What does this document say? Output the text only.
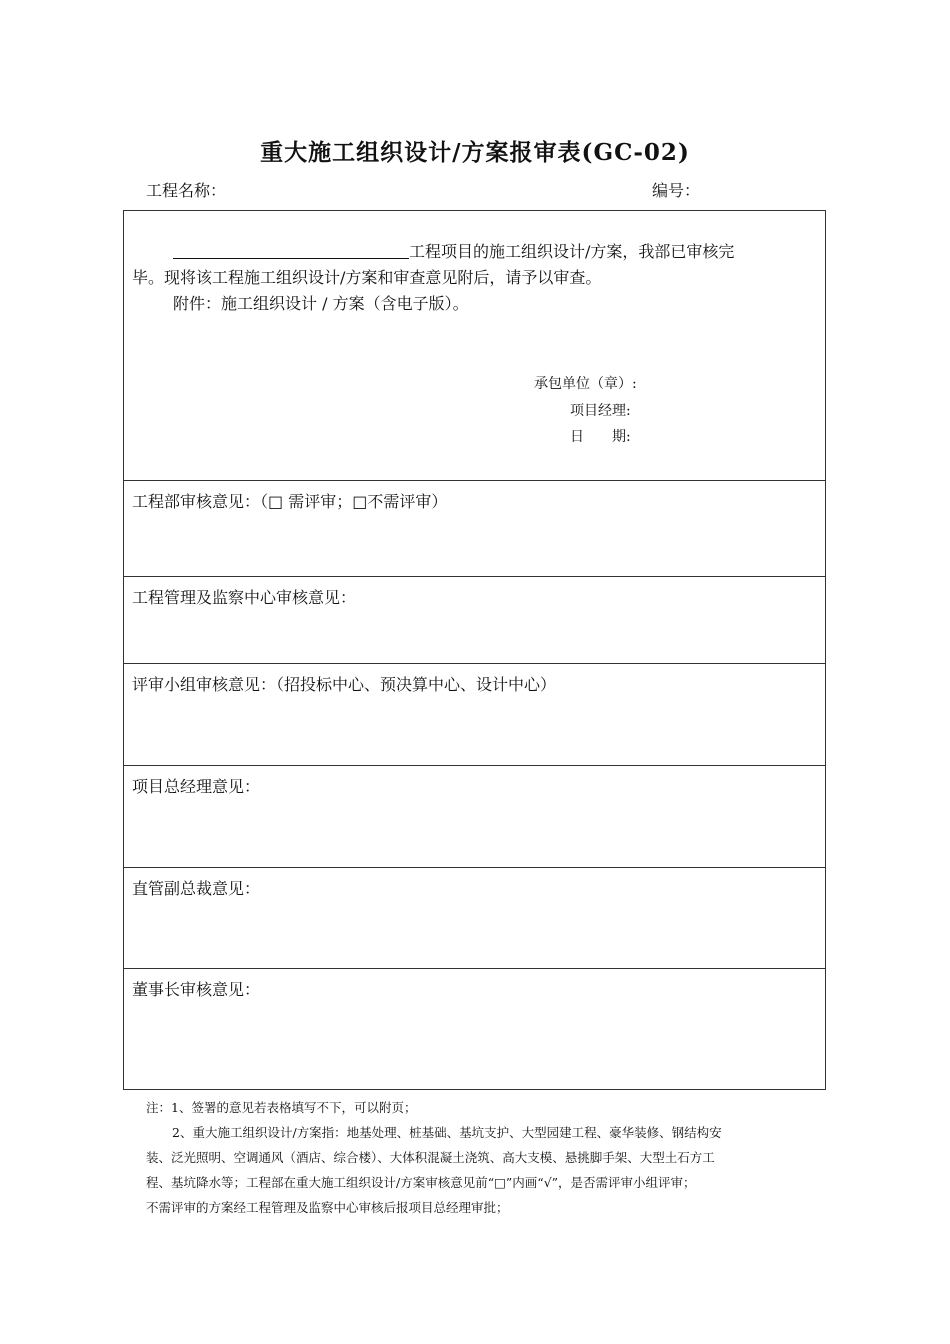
重大施工组织设计/方案报审表(GC-02)
工程名称：	编号：
工程项目的施工组织设计/方案，我部已审核完
毕。现将该工程施工组织设计/方案和审查意见附后，请予以审查。
附件：施工组织设计 / 方案（含电子版）。
承包单位（章）:
项目经理:
日　　期:
工程部审核意见：（□ 需评审；□不需评审）
工程管理及监察中心审核意见：
评审小组审核意见：（招投标中心、预决算中心、设计中心）
项目总经理意见：
直管副总裁意见：
董事长审核意见：
注：1、签署的意见若表格填写不下，可以附页；
2、重大施工组织设计/方案指：地基处理、桩基础、基坑支护、大型园建工程、豪华装修、钢结构安
装、泛光照明、空调通风（酒店、综合楼）、大体积混凝土浇筑、高大支模、悬挑脚手架、大型土石方工
程、基坑降水等；工程部在重大施工组织设计/方案审核意见前“□”内画“√”，是否需评审小组评审；
不需评审的方案经工程管理及监察中心审核后报项目总经理审批；
